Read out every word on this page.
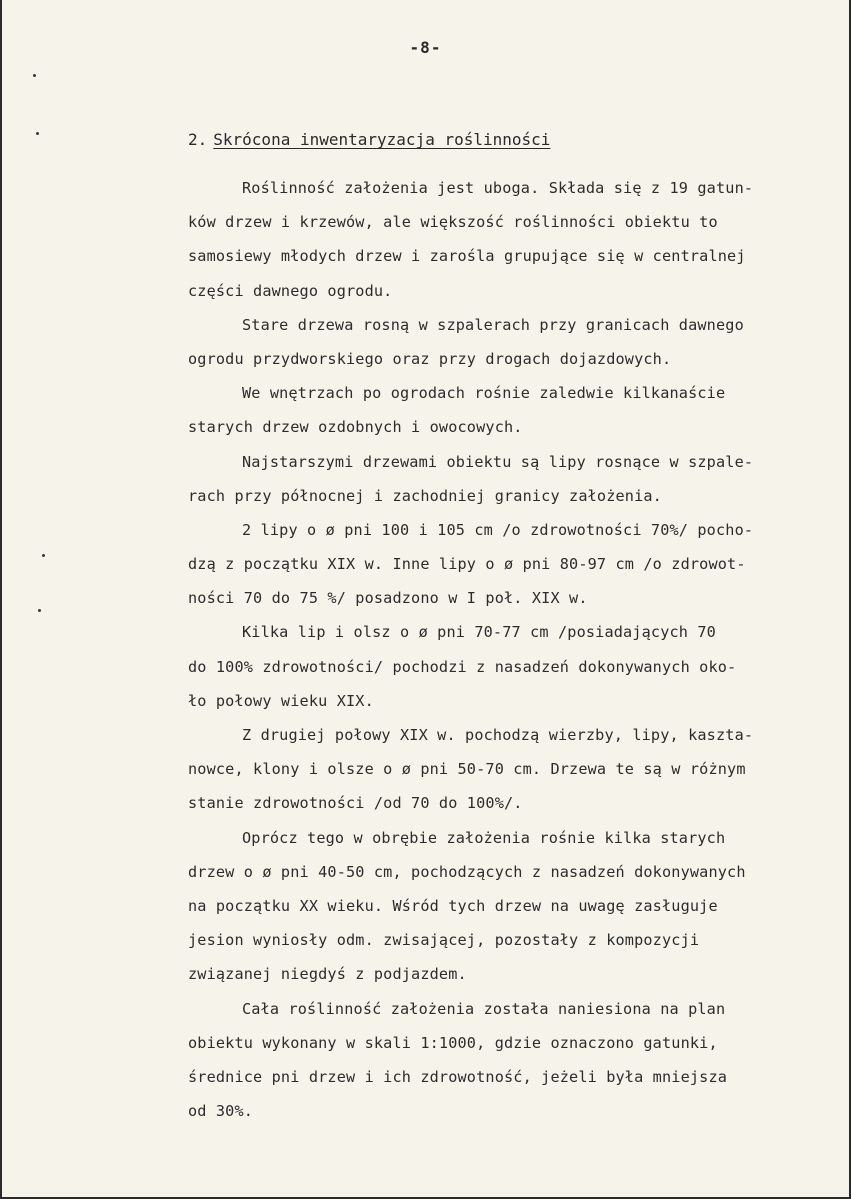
-8-
2. Skrócona inwentaryzacja roślinności
Roślinność założenia jest uboga. Składa się z 19 gatun-
ków drzew i krzewów, ale większość roślinności obiektu to
samosiewy młodych drzew i zarośla grupujące się w centralnej
części dawnego ogrodu.
Stare drzewa rosną w szpalerach przy granicach dawnego
ogrodu przydworskiego oraz przy drogach dojazdowych.
We wnętrzach po ogrodach rośnie zaledwie kilkanaście
starych drzew ozdobnych i owocowych.
Najstarszymi drzewami obiektu są lipy rosnące w szpale-
rach przy północnej i zachodniej granicy założenia.
2 lipy o ø pni 100 i 105 cm /o zdrowotności 70%/ pocho-
dzą z początku XIX w. Inne lipy o ø pni 80-97 cm /o zdrowot-
ności 70 do 75 %/ posadzono w I poł. XIX w.
Kilka lip i olsz o ø pni 70-77 cm /posiadających 70
do 100% zdrowotności/ pochodzi z nasadzeń dokonywanych oko-
ło połowy wieku XIX.
Z drugiej połowy XIX w. pochodzą wierzby, lipy, kaszta-
nowce, klony i olsze o ø pni 50-70 cm. Drzewa te są w różnym
stanie zdrowotności /od 70 do 100%/.
Oprócz tego w obrębie założenia rośnie kilka starych
drzew o ø pni 40-50 cm, pochodzących z nasadzeń dokonywanych
na początku XX wieku. Wśród tych drzew na uwagę zasługuje
jesion wyniosły odm. zwisającej, pozostały z kompozycji
związanej niegdyś z podjazdem.
Cała roślinność założenia została naniesiona na plan
obiektu wykonany w skali 1:1000, gdzie oznaczono gatunki,
średnice pni drzew i ich zdrowotność, jeżeli była mniejsza
od 30%.
